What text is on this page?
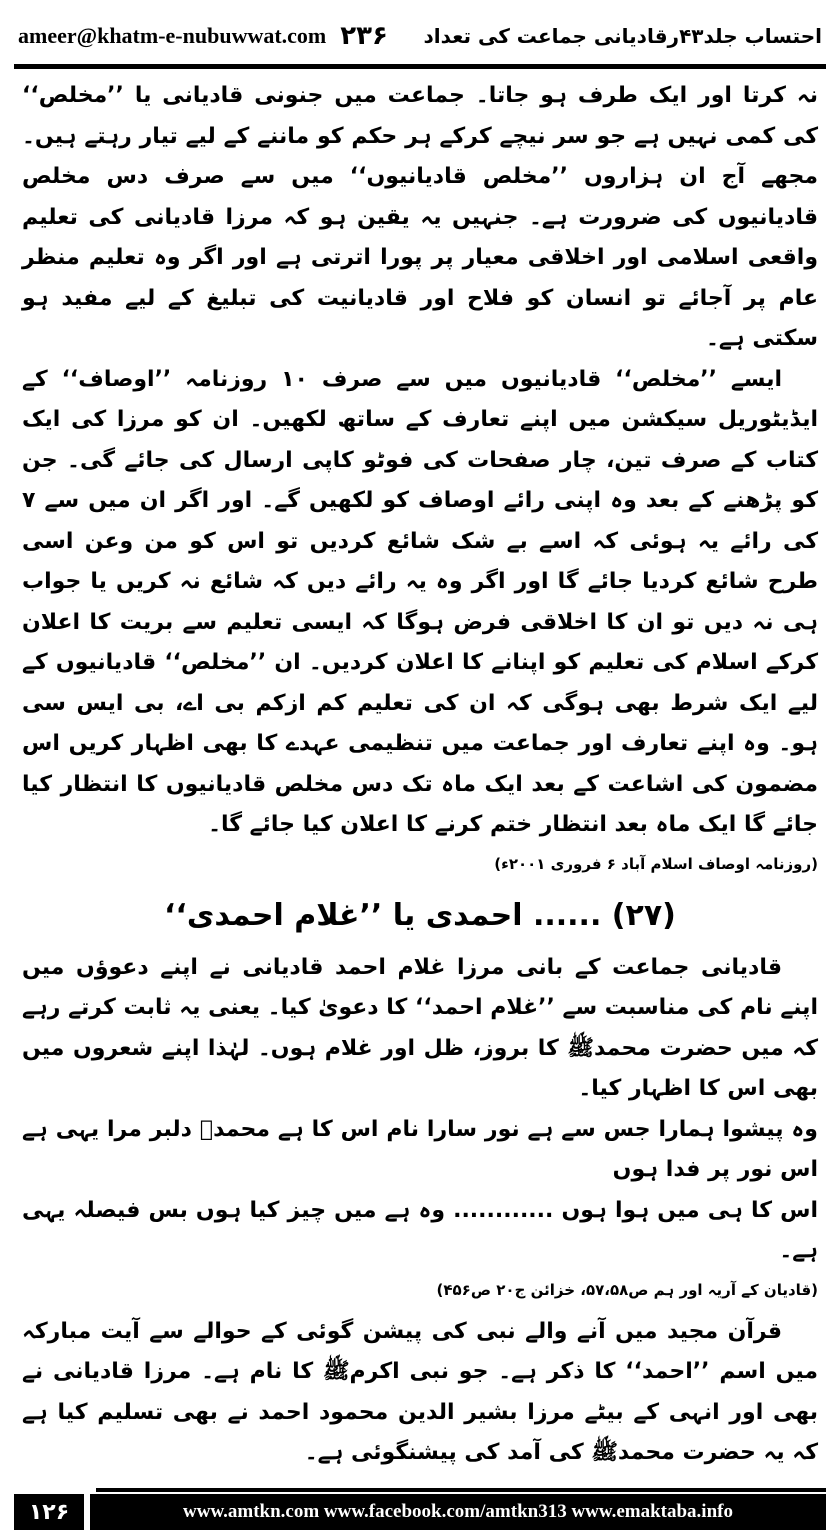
ameer@khatm-e-nubuwwat.com ۲۳۶ احتساب جلد۴۳رقادیانی جماعت کی تعداد

نہ کرتا اور ایک طرف ہو جاتا۔ جماعت میں جنونی قادیانی یا ’’مخلص‘‘ کی کمی نہیں ہے جو سر نیچے کرکے ہر حکم کو ماننے کے لیے تیار رہتے ہیں۔ مجھے آج ان ہزاروں ’’مخلص قادیانیوں‘‘ میں سے صرف دس مخلص قادیانیوں کی ضرورت ہے۔ جنہیں یہ یقین ہو کہ مرزا قادیانی کی تعلیم واقعی اسلامی اور اخلاقی معیار پر پورا اترتی ہے اور اگر وہ تعلیم منظر عام پر آجائے تو انسان کو فلاح اور قادیانیت کی تبلیغ کے لیے مفید ہو سکتی ہے۔

ایسے ’’مخلص‘‘ قادیانیوں میں سے صرف ۱۰ روزنامہ ’’اوصاف‘‘ کے ایڈیٹوریل سیکشن میں اپنے تعارف کے ساتھ لکھیں۔ ان کو مرزا کی ایک کتاب کے صرف تین، چار صفحات کی فوٹو کاپی ارسال کی جائے گی۔ جن کو پڑھنے کے بعد وہ اپنی رائے اوصاف کو لکھیں گے۔ اور اگر ان میں سے ۷ کی رائے یہ ہوئی کہ اسے بے شک شائع کردیں تو اس کو من وعن اسی طرح شائع کردیا جائے گا اور اگر وہ یہ رائے دیں کہ شائع نہ کریں یا جواب ہی نہ دیں تو ان کا اخلاقی فرض ہوگا کہ ایسی تعلیم سے بریت کا اعلان کرکے اسلام کی تعلیم کو اپنانے کا اعلان کردیں۔ ان ’’مخلص‘‘ قادیانیوں کے لیے ایک شرط بھی ہوگی کہ ان کی تعلیم کم ازکم بی اے، بی ایس سی ہو۔ وہ اپنے تعارف اور جماعت میں تنظیمی عہدے کا بھی اظہار کریں اس مضمون کی اشاعت کے بعد ایک ماہ تک دس مخلص قادیانیوں کا انتظار کیا جائے گا ایک ماہ بعد انتظار ختم کرنے کا اعلان کیا جائے گا۔

(روزنامہ اوصاف اسلام آباد ۶ فروری ۲۰۰۱ء)

(۲۷) ...... احمدی یا ’’غلام احمدی‘‘

قادیانی جماعت کے بانی مرزا غلام احمد قادیانی نے اپنے دعوؤں میں اپنے نام کی مناسبت سے ’’غلام احمد‘‘ کا دعویٰ کیا۔ یعنی یہ ثابت کرتے رہے کہ میں حضرت محمدﷺ کا بروز، ظل اور غلام ہوں۔ لہٰذا اپنے شعروں میں بھی اس کا اظہار کیا۔

وہ پیشوا ہمارا جس سے ہے نور سارا نام اس کا ہے محمدؐ دلبر مرا یہی ہے اس نور پر فدا ہوں

اس کا ہی میں ہوا ہوں ............ وہ ہے میں چیز کیا ہوں بس فیصلہ یہی ہے۔

(قادیان کے آریہ اور ہم ص۵۷،۵۸، خزائن ج۲۰ ص۴۵۶)

قرآن مجید میں آنے والے نبی کی پیشن گوئی کے حوالے سے آیت مبارکہ میں اسم ’’احمد‘‘ کا ذکر ہے۔ جو نبی اکرمﷺ کا نام ہے۔ مرزا قادیانی نے بھی اور انہی کے بیٹے مرزا بشیر الدین محمود احمد نے بھی تسلیم کیا ہے کہ یہ حضرت محمدﷺ کی آمد کی پیشنگوئی ہے۔

۱۲۶	www.amtkn.com www.facebook.com/amtkn313 www.emaktaba.info
